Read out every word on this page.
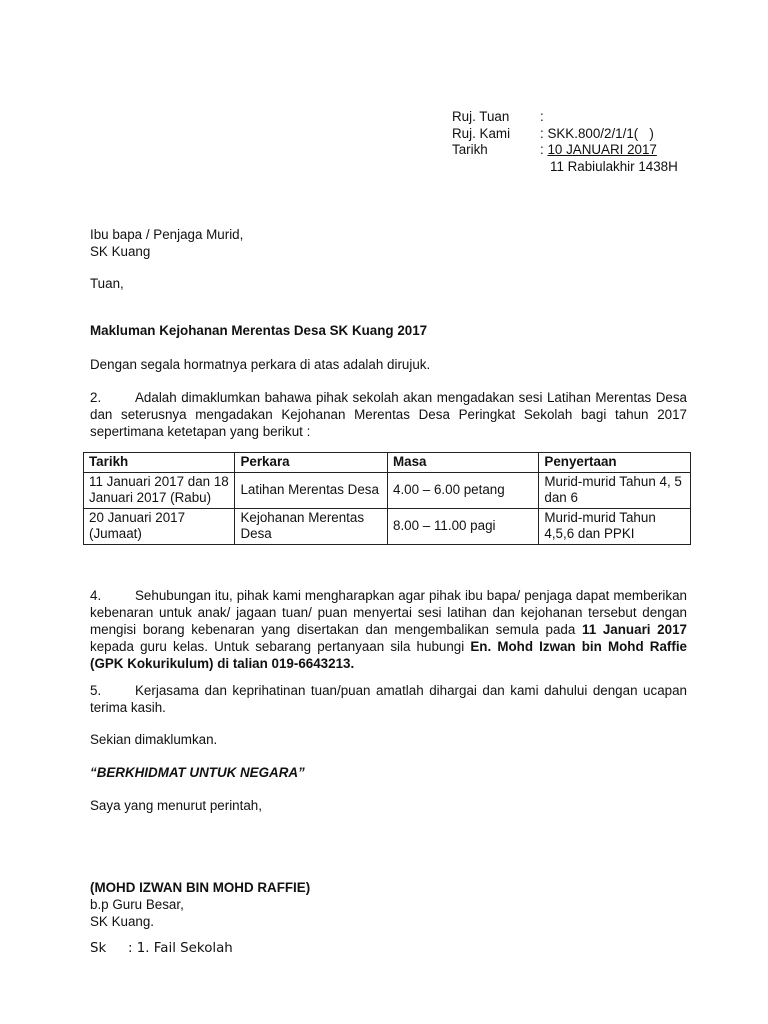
Ruj. Tuan	:
Ruj. Kami	: SKK.800/2/1/1(   )
Tarikh	: 10 JANUARI 2017
11 Rabiulakhir 1438H
Ibu bapa / Penjaga Murid,
SK Kuang
Tuan,
Makluman Kejohanan Merentas Desa SK Kuang 2017
Dengan segala hormatnya perkara di atas adalah dirujuk.
2.	Adalah dimaklumkan bahawa pihak sekolah akan mengadakan sesi Latihan Merentas Desa dan seterusnya mengadakan Kejohanan Merentas Desa Peringkat Sekolah bagi tahun 2017 sepertimana ketetapan yang berikut :
Tarikh	Perkara	Masa	Penyertaan
11 Januari 2017 dan 18 Januari 2017 (Rabu)	Latihan Merentas Desa	4.00 – 6.00 petang	Murid-murid Tahun 4, 5 dan 6
20 Januari 2017 (Jumaat)	Kejohanan Merentas Desa	8.00 – 11.00 pagi	Murid-murid Tahun 4,5,6 dan PPKI
4.	Sehubungan itu, pihak kami mengharapkan agar pihak ibu bapa/ penjaga dapat memberikan kebenaran untuk anak/ jagaan tuan/ puan menyertai sesi latihan dan kejohanan tersebut dengan mengisi borang kebenaran yang disertakan dan mengembalikan semula pada 11 Januari 2017 kepada guru kelas. Untuk sebarang pertanyaan sila hubungi En. Mohd Izwan bin Mohd Raffie (GPK Kokurikulum) di talian 019-6643213.
5.	Kerjasama dan keprihatinan tuan/puan amatlah dihargai dan kami dahului dengan ucapan terima kasih.
Sekian dimaklumkan.
“BERKHIDMAT UNTUK NEGARA”
Saya yang menurut perintah,
(MOHD IZWAN BIN MOHD RAFFIE)
b.p Guru Besar,
SK Kuang.
Sk : 1. Fail Sekolah
